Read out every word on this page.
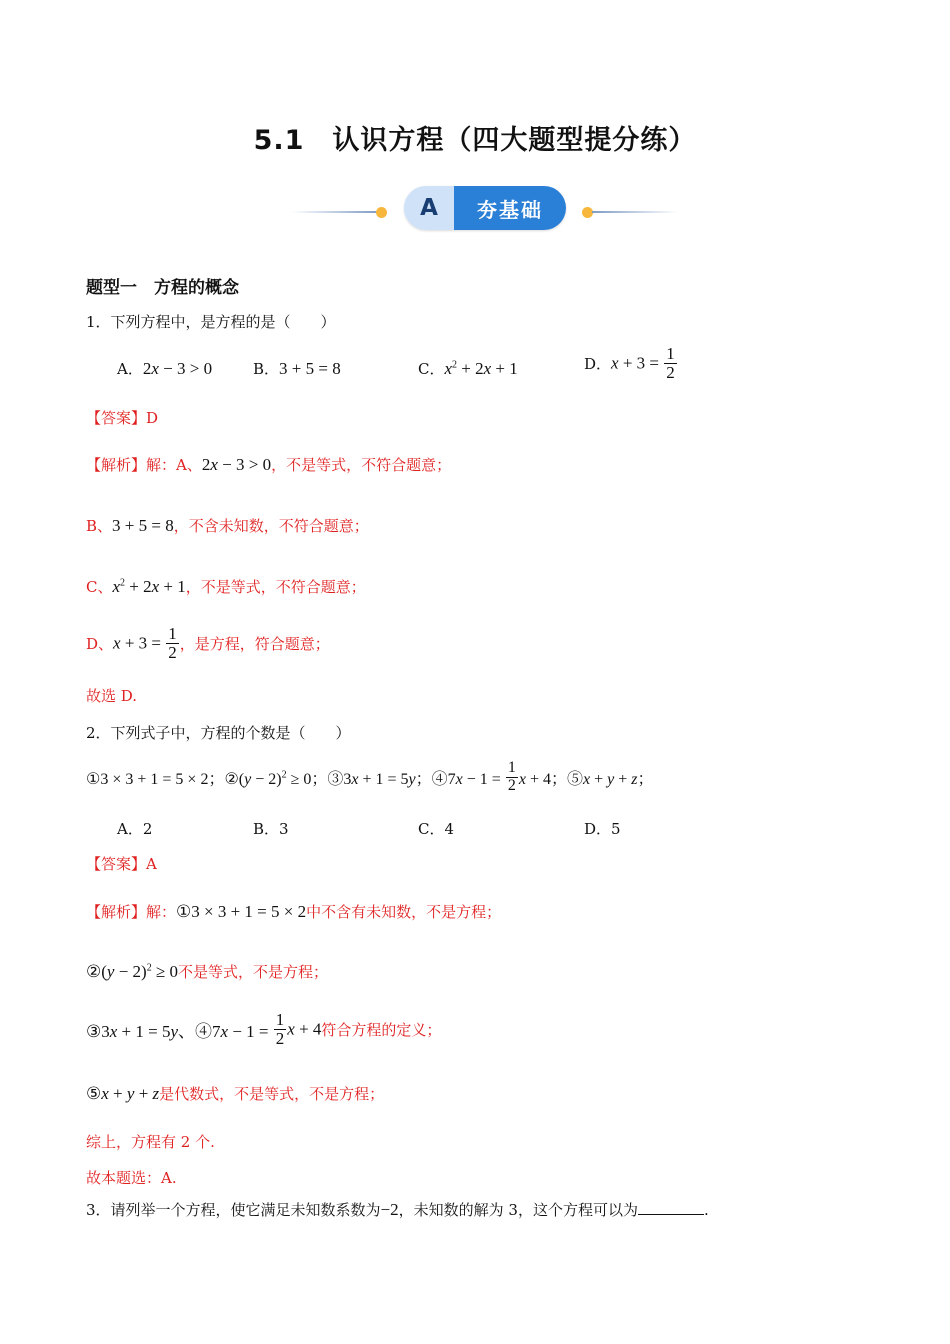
5.1 认识方程（四大题型提分练）
A	夯基础
题型一　方程的概念
1．下列方程中，是方程的是（　　）
A．2x − 3 > 0	B．3 + 5 = 8	C．$x^2 + 2x + 1$	D．$x + 3 = \frac{1}{2}$
【答案】D
【解析】解：A、2x − 3 > 0，不是等式，不符合题意；
B、3 + 5 = 8，不含未知数，不符合题意；
C、$x^2 + 2x + 1$，不是等式，不符合题意；
D、$x + 3 = \frac{1}{2}$ ，是方程，符合题意；
故选 D.
2．下列式子中，方程的个数是（　　）
①3 × 3 + 1 = 5 × 2；②(y − 2)$^2$ ≥ 0；③3x + 1 = 5y；④7x − $1 = \frac{1}{2}$ x + 4；⑤x + y + z；
A．2	B．3	C．4	D．5
【答案】A
【解析】解：①3 × 3 + 1 = 5 × 2中不含有未知数，不是方程；
②(y − 2)$^2$ ≥ 0不是等式，不是方程；
③3x + 1 = 5y、④7x − $1 = \frac{1}{2}$ x + 4符合方程的定义；
⑤x + y + z是代数式，不是等式，不是方程；
综上，方程有 2 个.
故本题选：A.
3．请列举一个方程，使它满足未知数系数为−2，未知数的解为 3，这个方程可以为	.
